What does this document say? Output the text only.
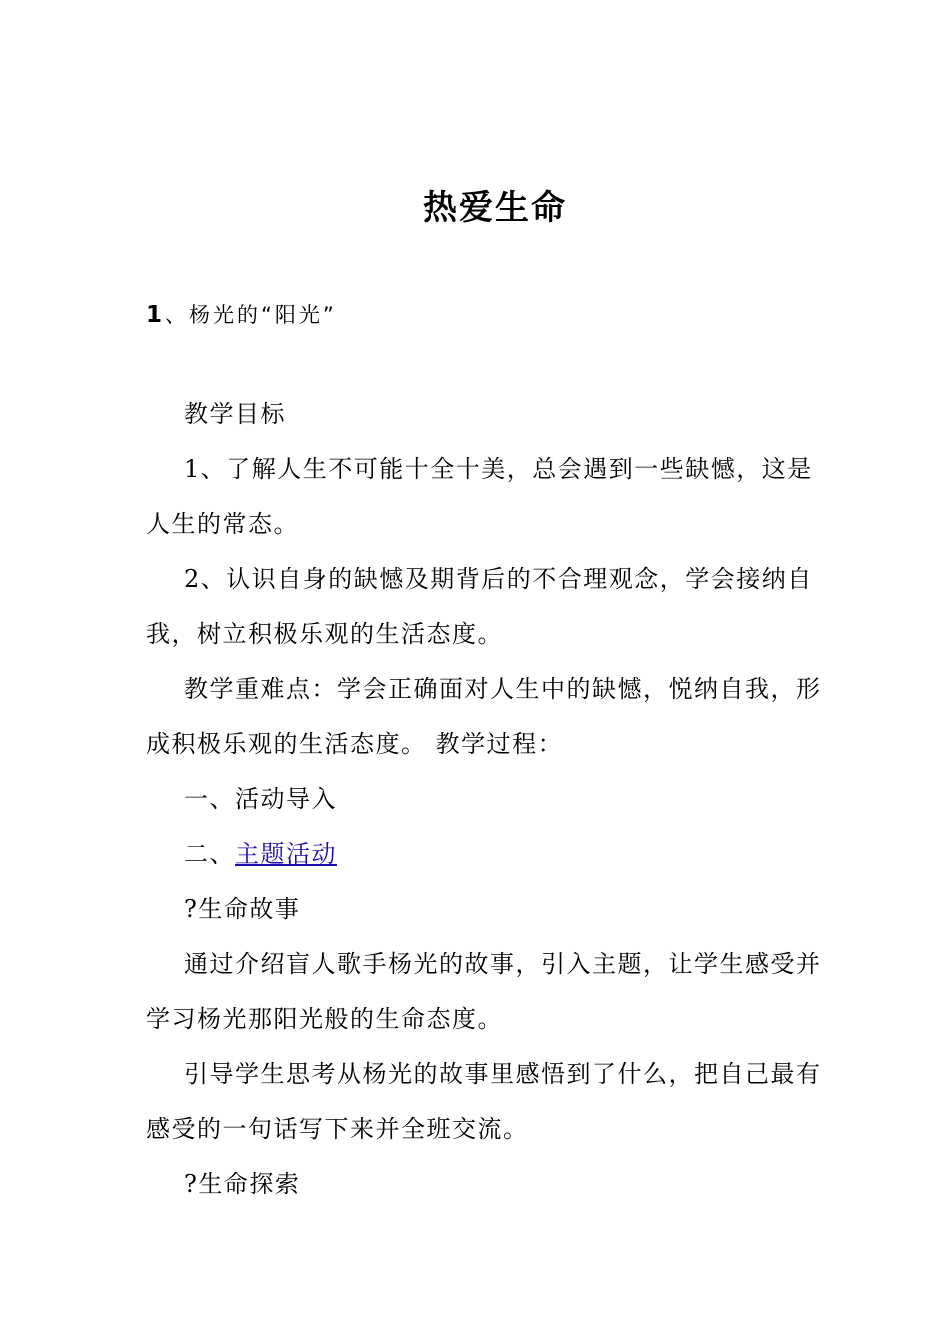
热爱生命
1、杨光的“阳光”

教学目标

1、了解人生不可能十全十美，总会遇到一些缺憾，这是人生的常态。

2、认识自身的缺憾及期背后的不合理观念，学会接纳自我，树立积极乐观的生活态度。

教学重难点：学会正确面对人生中的缺憾，悦纳自我，形成积极乐观的生活态度。 教学过程：

一、活动导入

二、主题活动

?生命故事

通过介绍盲人歌手杨光的故事，引入主题，让学生感受并学习杨光那阳光般的生命态度。

引导学生思考从杨光的故事里感悟到了什么，把自己最有感受的一句话写下来并全班交流。

?生命探索
